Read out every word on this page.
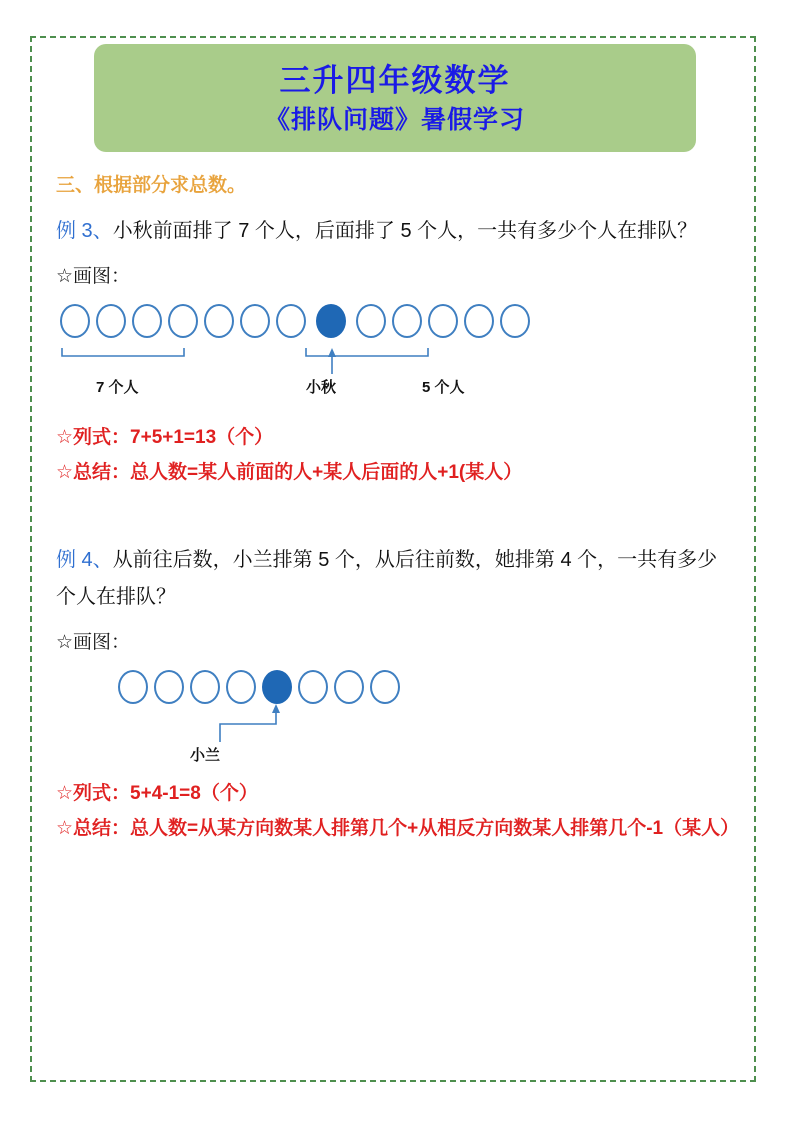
三升四年级数学
《排队问题》暑假学习
三、根据部分求总数。
例 3、小秋前面排了 7 个人，后面排了 5 个人，一共有多少个人在排队？
☆画图：
7 个人	小秋	5 个人
☆列式：7+5+1=13（个）
☆总结：总人数=某人前面的人+某人后面的人+1(某人）
例 4、从前往后数，小兰排第 5 个，从后往前数，她排第 4 个，一共有多少个人在排队？
☆画图：
小兰
☆列式：5+4-1=8（个）
☆总结：总人数=从某方向数某人排第几个+从相反方向数某人排第几个-1（某人）
